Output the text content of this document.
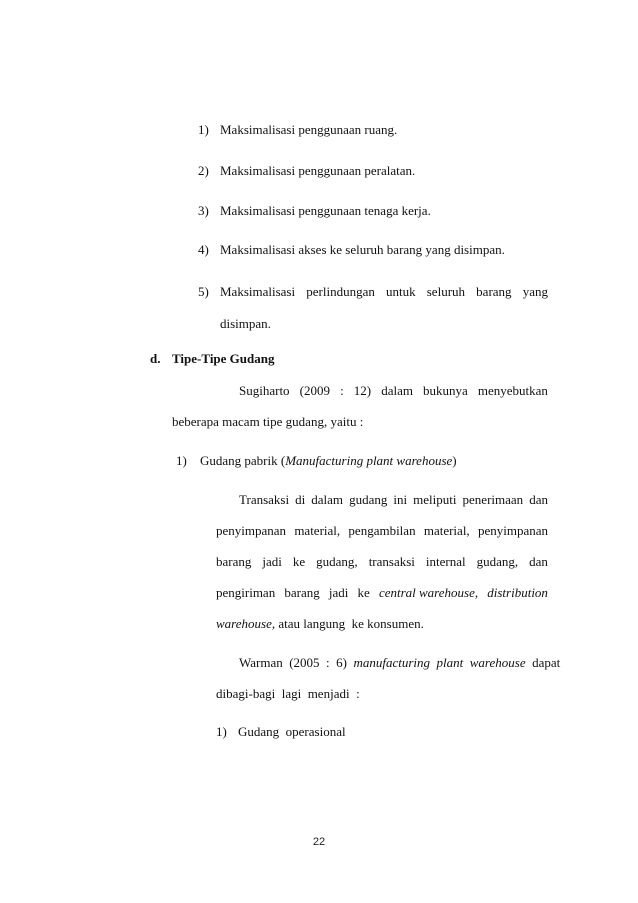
1) Maksimalisasi penggunaan ruang.
2) Maksimalisasi penggunaan peralatan.
3) Maksimalisasi penggunaan tenaga kerja.
4) Maksimalisasi akses ke seluruh barang yang disimpan.
5) Maksimalisasi perlindungan untuk seluruh barang yang
disimpan.
d. Tipe-Tipe Gudang
Sugiharto (2009 : 12) dalam bukunya menyebutkan
beberapa macam tipe gudang, yaitu :
1) Gudang pabrik (Manufacturing plant warehouse)
Transaksi di dalam gudang ini meliputi penerimaan dan
penyimpanan material, pengambilan material, penyimpanan
barang jadi ke gudang, transaksi internal gudang, dan
pengiriman barang jadi ke central warehouse, distribution
warehouse, atau langung  ke konsumen.
Warman  (2005  :  6)  manufacturing  plant  warehouse  dapat
dibagi-bagi  lagi  menjadi  :
1) Gudang  operasional
22
